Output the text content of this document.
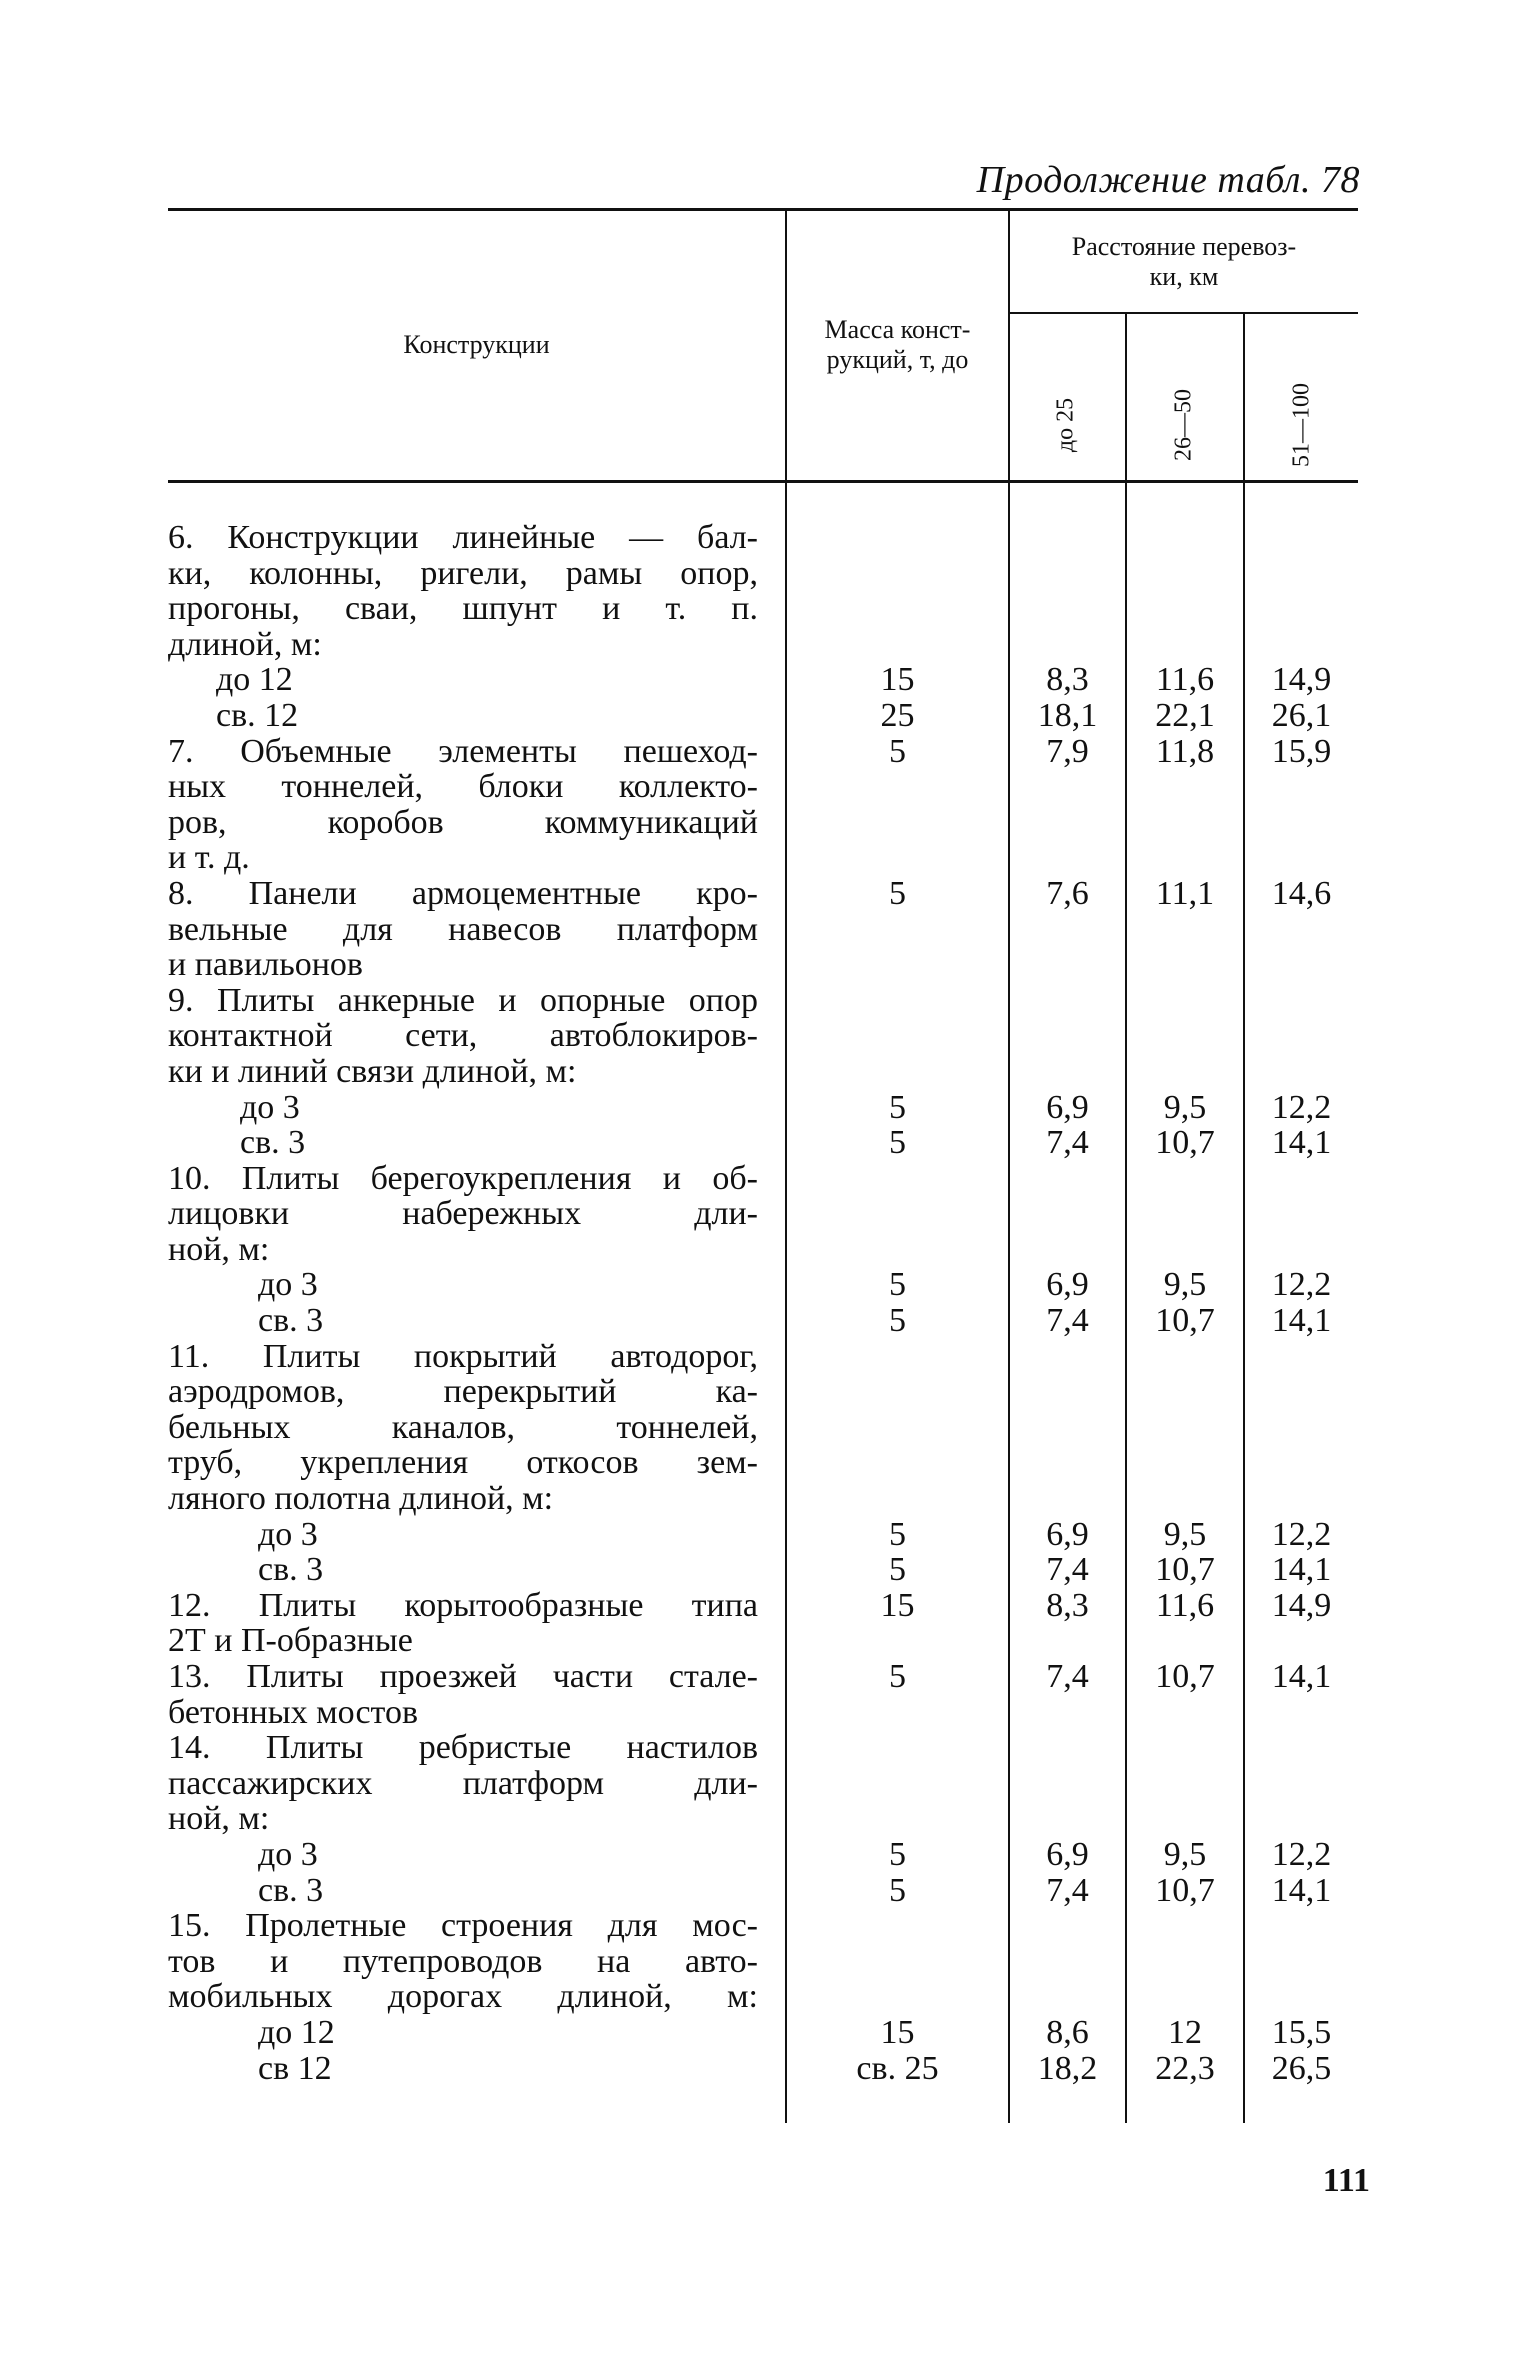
Продолжение табл. 78
Конструкции
Масса конст-
рукций, т, до
Расстояние перевоз-
ки, км
до 25	26—50	51—100
6. Конструкции линейные — бал-
ки, колонны, ригели, рамы опор,
прогоны, сваи, шпунт и т. п.
длиной, м:
до 12
св. 12
7. Объемные элементы пешеход-
ных тоннелей, блоки коллекто-
ров, коробов коммуникаций
и т. д.
8. Панели армоцементные кро-
вельные для навесов платформ
и павильонов
9. Плиты анкерные и опорные опор
контактной сети, автоблокиров-
ки и линий связи длиной, м:
до 3
св. 3
10. Плиты берегоукрепления и об-
лицовки набережных дли-
ной, м:
до 3
св. 3
11. Плиты покрытий автодорог,
аэродромов, перекрытий ка-
бельных каналов, тоннелей,
труб, укрепления откосов зем-
ляного полотна длиной, м:
до 3
св. 3
12. Плиты корытообразные типа
2Т и П-образные
13. Плиты проезжей части стале-
бетонных мостов
14. Плиты ребристые настилов
пассажирских платформ дли-
ной, м:
до 3
св. 3
15. Пролетные строения для мос-
тов и путепроводов на авто-
мобильных дорогах длиной, м:
до 12
св 12
15
25
5
5
5
5
5
5
5
5
15
5
5
5
15
св. 25
8,3
18,1
7,9
7,6
6,9
7,4
6,9
7,4
6,9
7,4
8,3
7,4
6,9
7,4
8,6
18,2
11,6
22,1
11,8
11,1
9,5
10,7
9,5
10,7
9,5
10,7
11,6
10,7
9,5
10,7
12
22,3
14,9
26,1
15,9
14,6
12,2
14,1
12,2
14,1
12,2
14,1
14,9
14,1
12,2
14,1
15,5
26,5
111
